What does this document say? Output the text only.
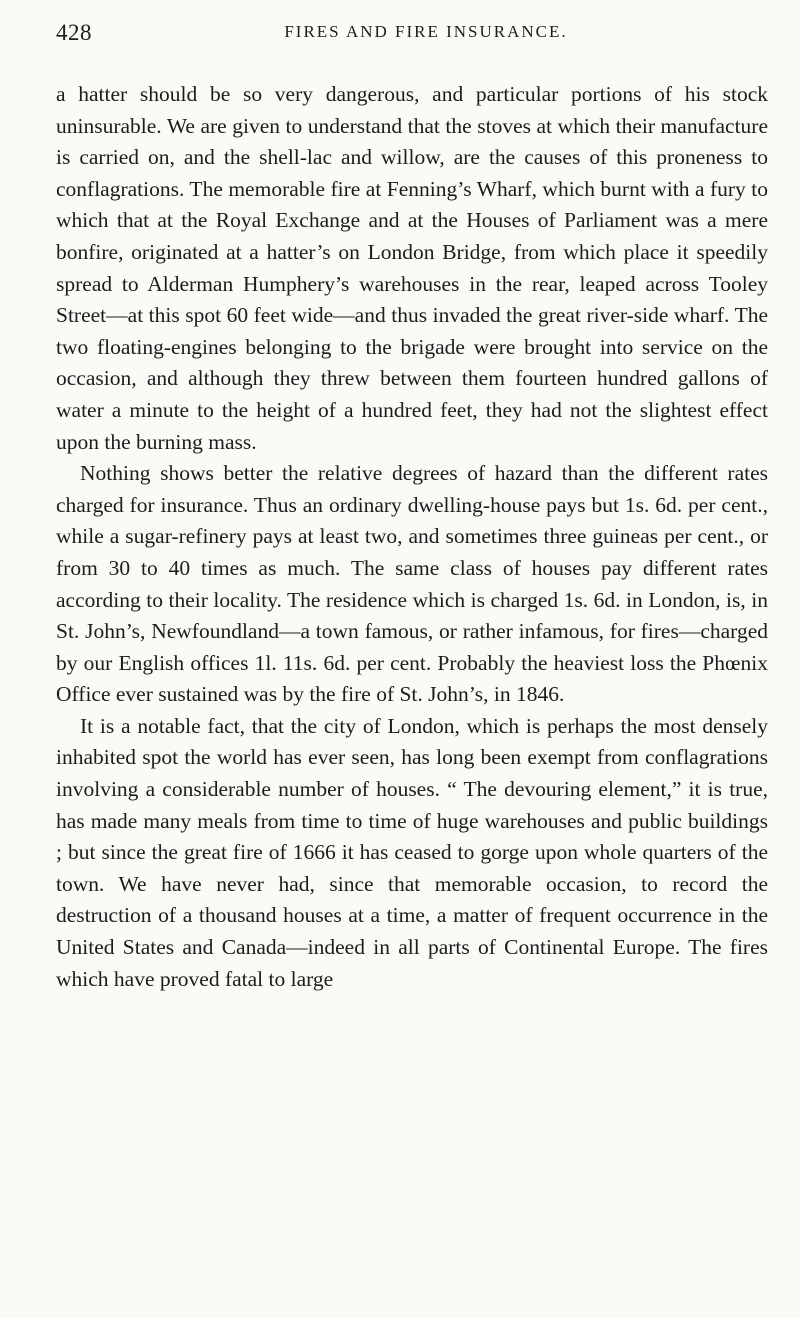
428	FIRES AND FIRE INSURANCE.

a hatter should be so very dangerous, and particular portions of his stock uninsurable. We are given to understand that the stoves at which their manufacture is carried on, and the shell-lac and willow, are the causes of this proneness to conflagrations. The memorable fire at Fenning’s Wharf, which burnt with a fury to which that at the Royal Exchange and at the Houses of Parliament was a mere bonfire, originated at a hatter’s on London Bridge, from which place it speedily spread to Alderman Humphery’s warehouses in the rear, leaped across Tooley Street—at this spot 60 feet wide—and thus invaded the great river-side wharf. The two floating-engines belonging to the brigade were brought into service on the occasion, and although they threw between them fourteen hundred gallons of water a minute to the height of a hundred feet, they had not the slightest effect upon the burning mass.

Nothing shows better the relative degrees of hazard than the different rates charged for insurance. Thus an ordinary dwelling-house pays but 1s. 6d. per cent., while a sugar-refinery pays at least two, and sometimes three guineas per cent., or from 30 to 40 times as much. The same class of houses pay different rates according to their locality. The residence which is charged 1s. 6d. in London, is, in St. John’s, Newfoundland—a town famous, or rather infamous, for fires—charged by our English offices 1l. 11s. 6d. per cent. Probably the heaviest loss the Phœnix Office ever sustained was by the fire of St. John’s, in 1846.

It is a notable fact, that the city of London, which is perhaps the most densely inhabited spot the world has ever seen, has long been exempt from conflagrations involving a considerable number of houses. “ The devouring element,” it is true, has made many meals from time to time of huge warehouses and public buildings ; but since the great fire of 1666 it has ceased to gorge upon whole quarters of the town. We have never had, since that memorable occasion, to record the destruction of a thousand houses at a time, a matter of frequent occurrence in the United States and Canada—indeed in all parts of Continental Europe. The fires which have proved fatal to large
